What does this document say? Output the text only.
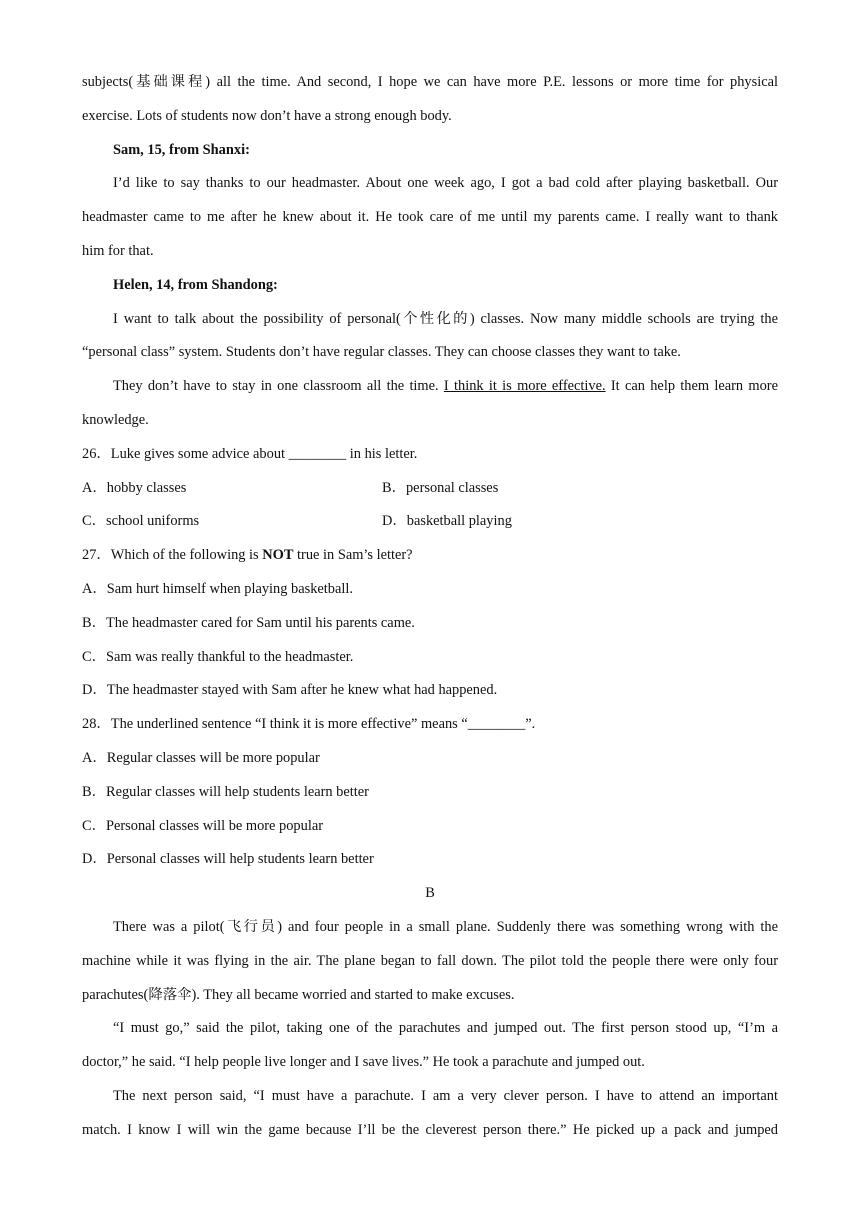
subjects(基础课程) all the time. And second, I hope we can have more P.E. lessons or more time for physical
exercise. Lots of students now don’t have a strong enough body.
Sam, 15, from Shanxi:
I’d like to say thanks to our headmaster. About one week ago, I got a bad cold after playing basketball. Our
headmaster came to me after he knew about it. He took care of me until my parents came. I really want to thank
him for that.
Helen, 14, from Shandong:
I want to talk about the possibility of personal(个性化的) classes. Now many middle schools are trying the
“personal class” system. Students don’t have regular classes. They can choose classes they want to take.
They don’t have to stay in one classroom all the time. I think it is more effective. It can help them learn more
knowledge.
26．Luke gives some advice about ________ in his letter.
A．hobby classes	B．personal classes
C．school uniforms	D．basketball playing
27．Which of the following is NOT true in Sam’s letter?
A．Sam hurt himself when playing basketball.
B．The headmaster cared for Sam until his parents came.
C．Sam was really thankful to the headmaster.
D．The headmaster stayed with Sam after he knew what had happened.
28．The underlined sentence “I think it is more effective” means “________”.
A．Regular classes will be more popular
B．Regular classes will help students learn better
C．Personal classes will be more popular
D．Personal classes will help students learn better
B
There was a pilot(飞行员) and four people in a small plane. Suddenly there was something wrong with the
machine while it was flying in the air. The plane began to fall down. The pilot told the people there were only four
parachutes(降落伞). They all became worried and started to make excuses.
“I must go,” said the pilot, taking one of the parachutes and jumped out. The first person stood up, “I’m a
doctor,” he said. “I help people live longer and I save lives.” He took a parachute and jumped out.
The next person said, “I must have a parachute. I am a very clever person. I have to attend an important
match. I know I will win the game because I’ll be the cleverest person there.” He picked up a pack and jumped
